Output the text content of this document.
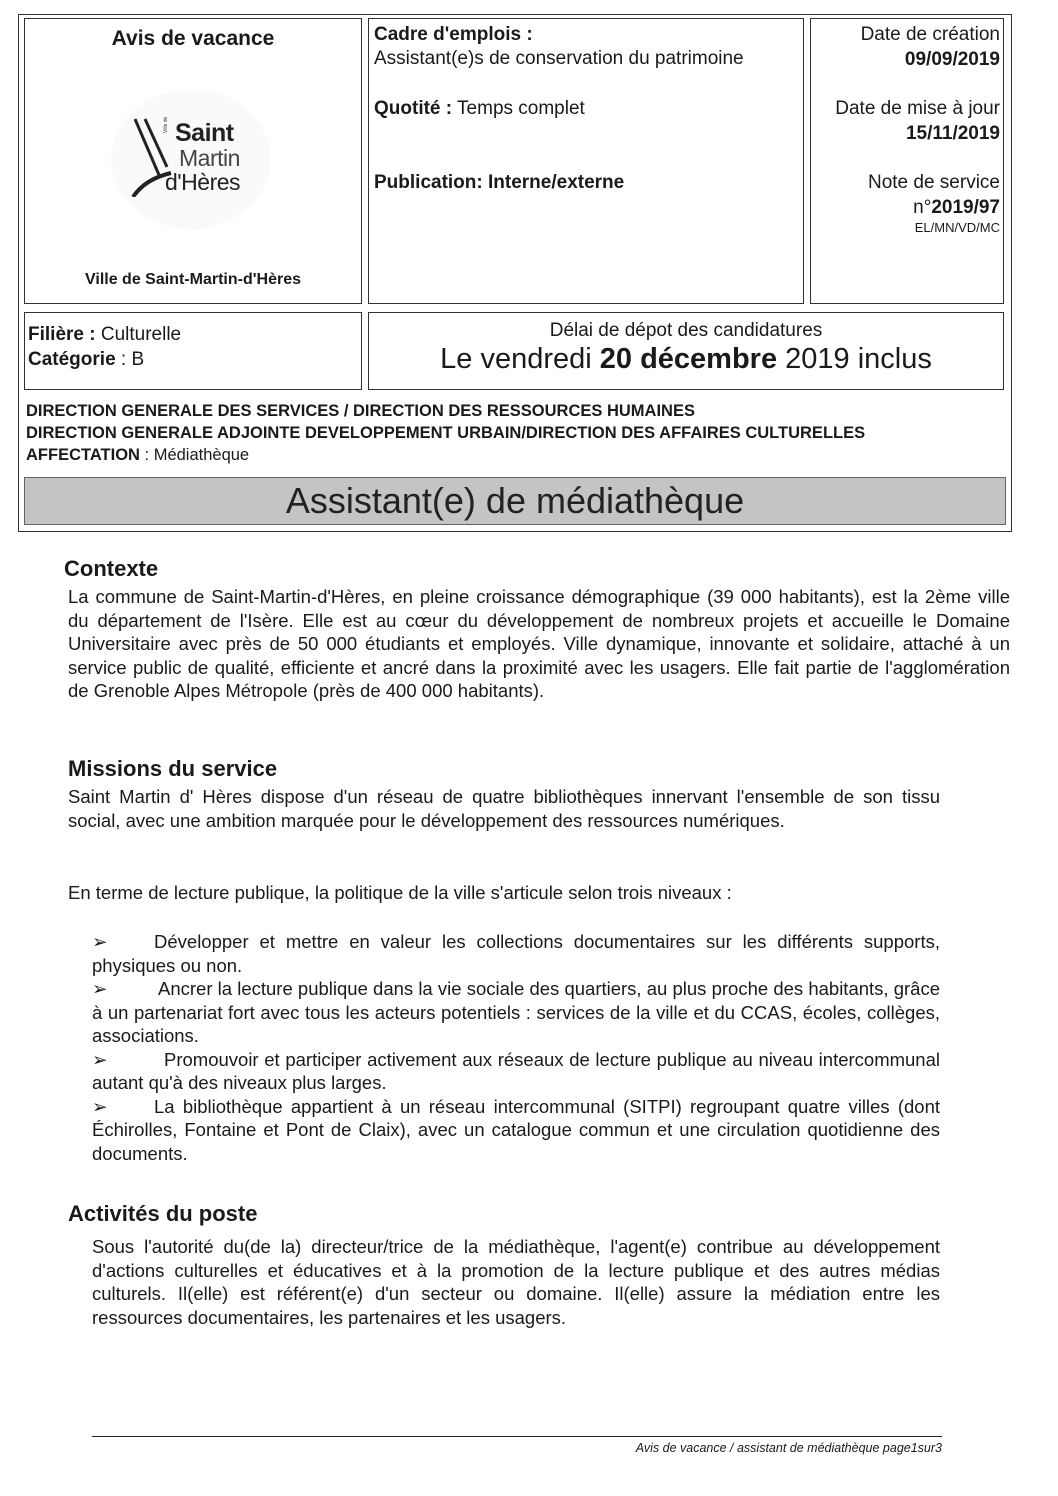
Avis de vacance
Ville de Saint
Martin
d'Hères
Ville de Saint-Martin-d'Hères
Cadre d'emplois :
Assistant(e)s de conservation du patrimoine
Quotité : Temps complet
Publication: Interne/externe
Date de création
09/09/2019
Date de mise à jour
15/11/2019
Note de service
n°2019/97
EL/MN/VD/MC
Filière : Culturelle
Catégorie : B
Délai de dépot des candidatures
Le vendredi 20 décembre 2019 inclus
DIRECTION GENERALE DES SERVICES / DIRECTION DES RESSOURCES HUMAINES
DIRECTION GENERALE ADJOINTE DEVELOPPEMENT URBAIN/DIRECTION DES AFFAIRES CULTURELLES
AFFECTATION : Médiathèque
Assistant(e) de médiathèque
Contexte
La commune de Saint-Martin-d'Hères, en pleine croissance démographique (39 000 habitants), est la 2ème ville du département de l'Isère. Elle est au cœur du développement de nombreux projets et accueille le Domaine Universitaire avec près de 50 000 étudiants et employés. Ville dynamique, innovante et solidaire, attaché à un service public de qualité, efficiente et ancré dans la proximité avec les usagers. Elle fait partie de l'agglomération de Grenoble Alpes Métropole (près de 400 000 habitants).
Missions du service
Saint Martin d' Hères dispose d'un réseau de quatre bibliothèques innervant l'ensemble de son tissu social, avec une ambition marquée pour le développement des ressources numériques.
En terme de lecture publique, la politique de la ville s'articule selon trois niveaux :
➢	Développer et mettre en valeur les collections documentaires sur les différents supports, physiques ou non.
➢	Ancrer la lecture publique dans la vie sociale des quartiers, au plus proche des habitants, grâce à un partenariat fort avec tous les acteurs potentiels : services de la ville et du CCAS, écoles, collèges, associations.
➢	Promouvoir et participer activement aux réseaux de lecture publique au niveau intercommunal autant qu'à des niveaux plus larges.
➢	La bibliothèque appartient à un réseau intercommunal (SITPI) regroupant quatre villes (dont Échirolles, Fontaine et Pont de Claix), avec un catalogue commun et une circulation quotidienne des documents.
Activités du poste
Sous l'autorité du(de la) directeur/trice de la médiathèque, l'agent(e) contribue au développement d'actions culturelles et éducatives et à la promotion de la lecture publique et des autres médias culturels. Il(elle) est référent(e) d'un secteur ou domaine. Il(elle) assure la médiation entre les ressources documentaires, les partenaires et les usagers.
Avis de vacance / assistant de médiathèque page1sur3
